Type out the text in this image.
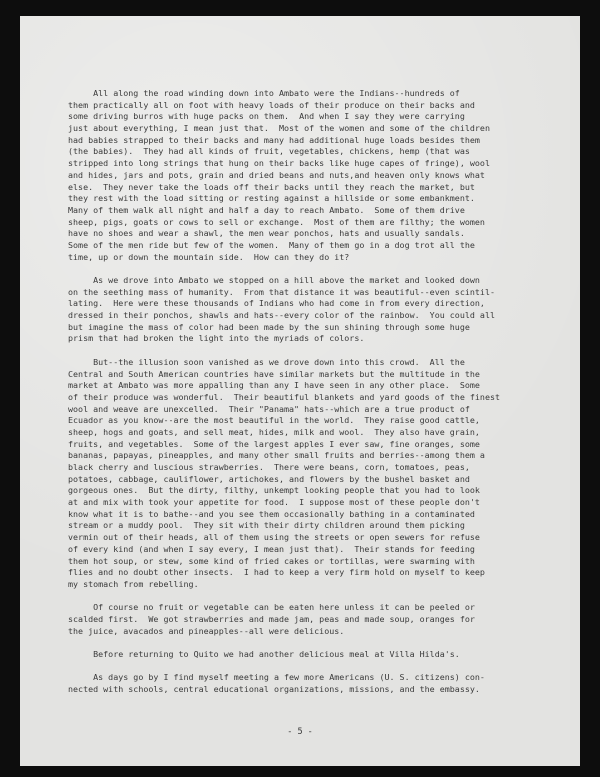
All along the road winding down into Ambato were the Indians--hundreds of
them practically all on foot with heavy loads of their produce on their backs and
some driving burros with huge packs on them.  And when I say they were carrying
just about everything, I mean just that.  Most of the women and some of the children
had babies strapped to their backs and many had additional huge loads besides them
(the babies).  They had all kinds of fruit, vegetables, chickens, hemp (that was
stripped into long strings that hung on their backs like huge capes of fringe), wool
and hides, jars and pots, grain and dried beans and nuts,and heaven only knows what
else.  They never take the loads off their backs until they reach the market, but
they rest with the load sitting or resting against a hillside or some embankment.
Many of them walk all night and half a day to reach Ambato.  Some of them drive
sheep, pigs, goats or cows to sell or exchange.  Most of them are filthy; the women
have no shoes and wear a shawl, the men wear ponchos, hats and usually sandals.
Some of the men ride but few of the women.  Many of them go in a dog trot all the
time, up or down the mountain side.  How can they do it?
As we drove into Ambato we stopped on a hill above the market and looked down
on the seething mass of humanity.  From that distance it was beautiful--even scintil-
lating.  Here were these thousands of Indians who had come in from every direction,
dressed in their ponchos, shawls and hats--every color of the rainbow.  You could all
but imagine the mass of color had been made by the sun shining through some huge
prism that had broken the light into the myriads of colors.
But--the illusion soon vanished as we drove down into this crowd.  All the
Central and South American countries have similar markets but the multitude in the
market at Ambato was more appalling than any I have seen in any other place.  Some
of their produce was wonderful.  Their beautiful blankets and yard goods of the finest
wool and weave are unexcelled.  Their "Panama" hats--which are a true product of
Ecuador as you know--are the most beautiful in the world.  They raise good cattle,
sheep, hogs and goats, and sell meat, hides, milk and wool.  They also have grain,
fruits, and vegetables.  Some of the largest apples I ever saw, fine oranges, some
bananas, papayas, pineapples, and many other small fruits and berries--among them a
black cherry and luscious strawberries.  There were beans, corn, tomatoes, peas,
potatoes, cabbage, cauliflower, artichokes, and flowers by the bushel basket and
gorgeous ones.  But the dirty, filthy, unkempt looking people that you had to look
at and mix with took your appetite for food.  I suppose most of these people don't
know what it is to bathe--and you see them occasionally bathing in a contaminated
stream or a muddy pool.  They sit with their dirty children around them picking
vermin out of their heads, all of them using the streets or open sewers for refuse
of every kind (and when I say every, I mean just that).  Their stands for feeding
them hot soup, or stew, some kind of fried cakes or tortillas, were swarming with
flies and no doubt other insects.  I had to keep a very firm hold on myself to keep
my stomach from rebelling.
Of course no fruit or vegetable can be eaten here unless it can be peeled or
scalded first.  We got strawberries and made jam, peas and made soup, oranges for
the juice, avacados and pineapples--all were delicious.
Before returning to Quito we had another delicious meal at Villa Hilda's.
As days go by I find myself meeting a few more Americans (U. S. citizens) con-
nected with schools, central educational organizations, missions, and the embassy.
- 5 -
